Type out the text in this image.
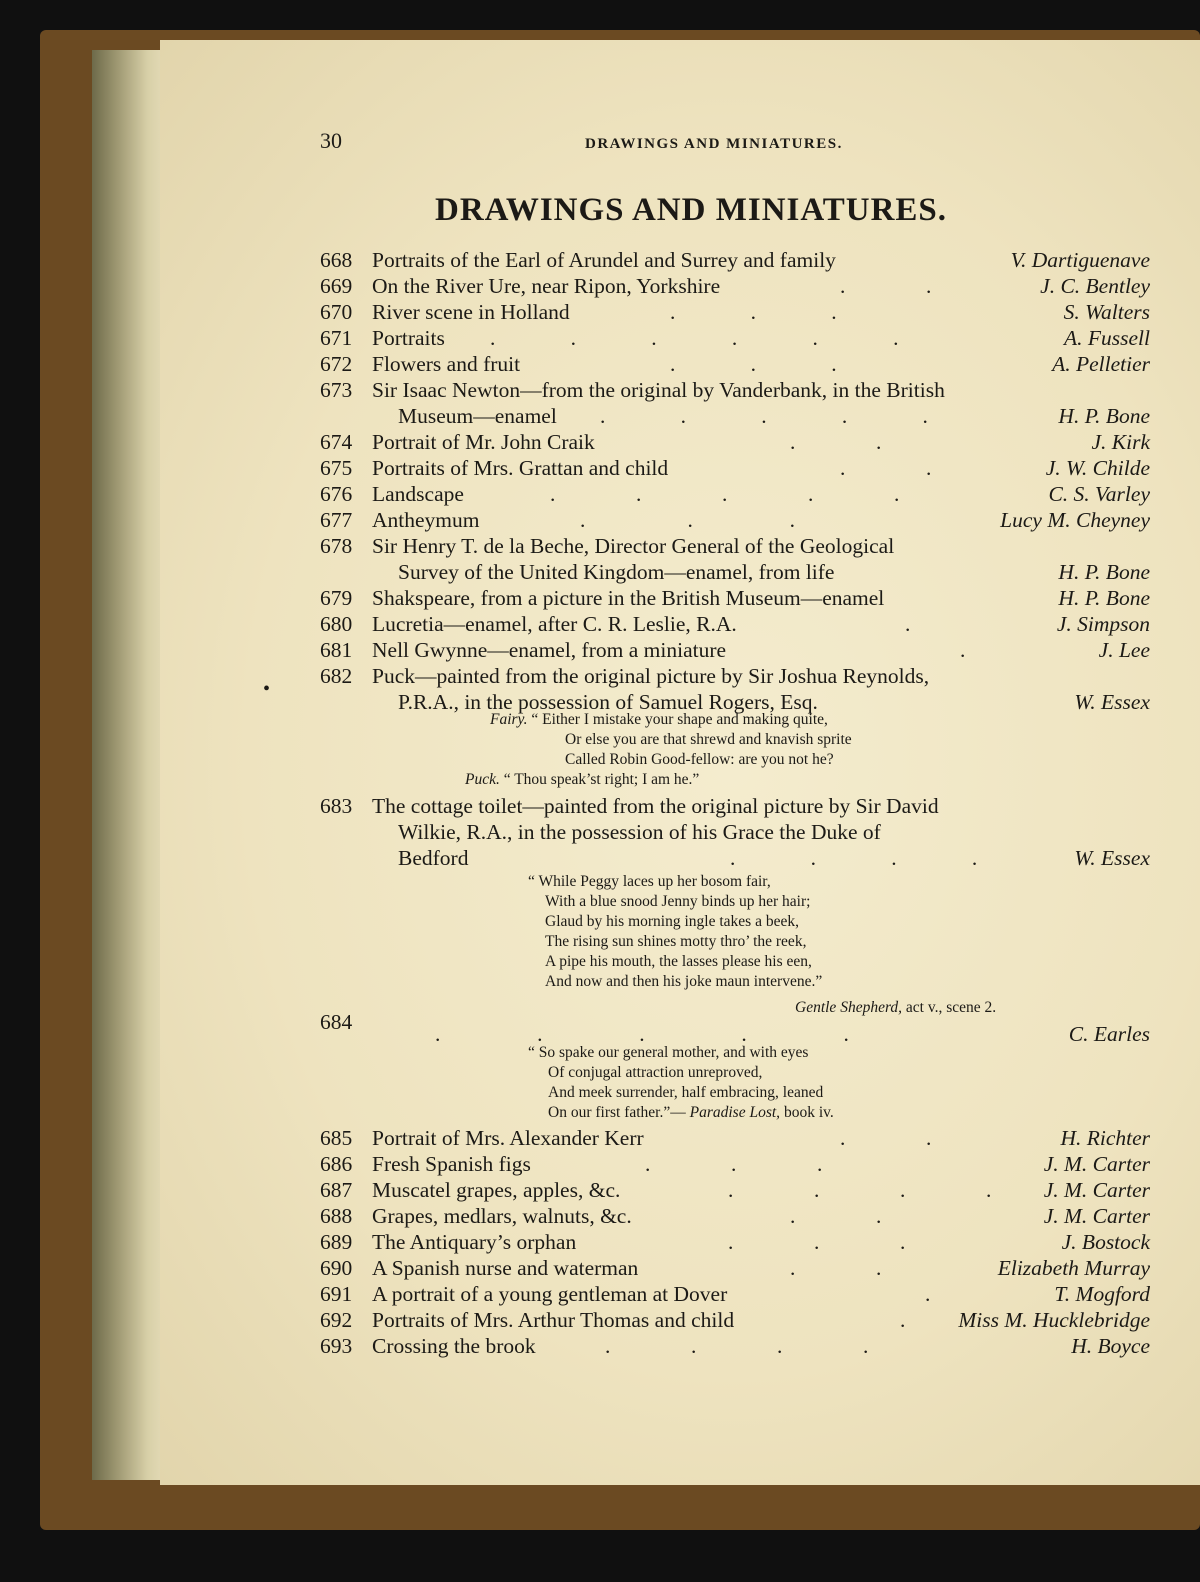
30	DRAWINGS AND MINIATURES.
DRAWINGS AND MINIATURES.
668 Portraits of the Earl of Arundel and Surrey and family	V. Dartiguenave
669 On the River Ure, near Ripon, Yorkshire	.               .	J. C. Bentley
670 River scene in Holland	.              .              .	S. Walters
671 Portraits .              .              .              .              .              .	A. Fussell
672 Flowers and fruit	.              .              .	A. Pelletier
673 Sir Isaac Newton—from the original by Vanderbank, in the British
Museum—enamel .              .              .              .              .	H. P. Bone
674 Portrait of Mr. John Craik	.               .	J. Kirk
675 Portraits of Mrs. Grattan and child	.               .	J. W. Childe
676 Landscape	.               .               .               .               .	C. S. Varley
677 Antheymum	.                   .                  .	Lucy M. Cheyney
678 Sir Henry T. de la Beche, Director General of the Geological
Survey of the United Kingdom—enamel, from life	H. P. Bone
679 Shakspeare, from a picture in the British Museum—enamel	H. P. Bone
680 Lucretia—enamel, after C. R. Leslie, R.A.	.	J. Simpson
681 Nell Gwynne—enamel, from a miniature	.	J. Lee
682 Puck—painted from the original picture by Sir Joshua Reynolds,
P.R.A., in the possession of Samuel Rogers, Esq.	W. Essex
Fairy. “ Either I mistake your shape and making quite,
Or else you are that shrewd and knavish sprite
Called Robin Good-fellow: are you not he?
Puck. “ Thou speak’st right; I am he.”
683 The cottage toilet—painted from the original picture by Sir David
Wilkie, R.A., in the possession of his Grace the Duke of
Bedford	.              .              .              .	W. Essex
“ While Peggy laces up her bosom fair,
With a blue snood Jenny binds up her hair;
Glaud by his morning ingle takes a beek,
The rising sun shines motty thro’ the reek,
A pipe his mouth, the lasses please his een,
And now and then his joke maun intervene.”
Gentle Shepherd, act v., scene 2.
684	.                  .                  .                  .                  .	C. Earles
“ So spake our general mother, and with eyes
Of conjugal attraction unreproved,
And meek surrender, half embracing, leaned
On our first father.”— Paradise Lost, book iv.
685 Portrait of Mrs. Alexander Kerr	.               .	H. Richter
686 Fresh Spanish figs	.               .               .	J. M. Carter
687 Muscatel grapes, apples, &c.	.               .               .               . J. M. Carter
688 Grapes, medlars, walnuts, &c.	.               .	J. M. Carter
689 The Antiquary’s orphan	.               .               .	J. Bostock
690 A Spanish nurse and waterman	.               .	Elizabeth Murray
691 A portrait of a young gentleman at Dover	.	T. Mogford
692 Portraits of Mrs. Arthur Thomas and child	. Miss M. Hucklebridge
693 Crossing the brook	.               .               .               .	H. Boyce
•
